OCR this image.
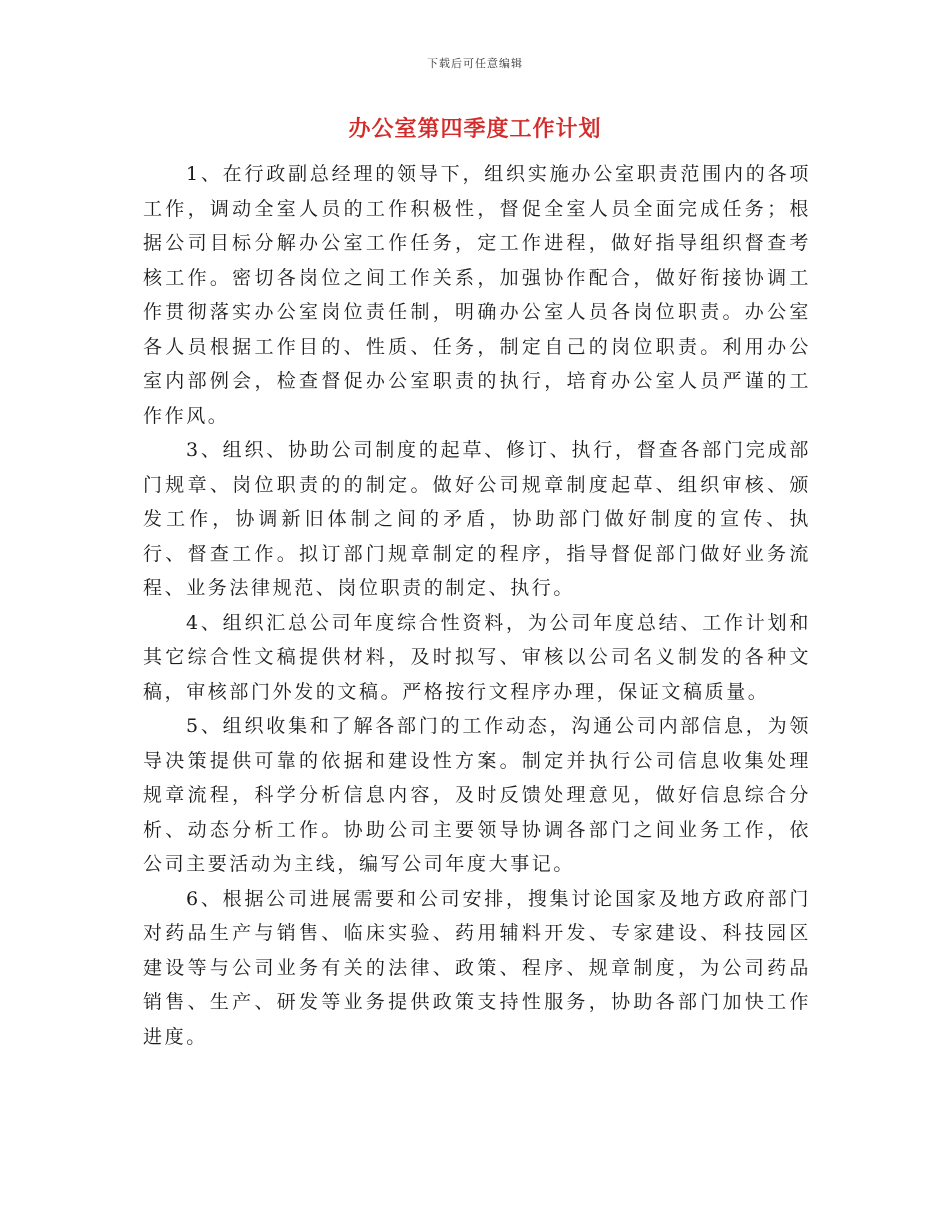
下载后可任意编辑
办公室第四季度工作计划

1、在行政副总经理的领导下，组织实施办公室职责范围内的各项工作，调动全室人员的工作积极性，督促全室人员全面完成任务；根据公司目标分解办公室工作任务，定工作进程，做好指导组织督查考核工作。密切各岗位之间工作关系，加强协作配合，做好衔接协调工作贯彻落实办公室岗位责任制，明确办公室人员各岗位职责。办公室各人员根据工作目的、性质、任务，制定自己的岗位职责。利用办公室内部例会，检查督促办公室职责的执行，培育办公室人员严谨的工作作风。

3、组织、协助公司制度的起草、修订、执行，督查各部门完成部门规章、岗位职责的的制定。做好公司规章制度起草、组织审核、颁发工作，协调新旧体制之间的矛盾，协助部门做好制度的宣传、执行、督查工作。拟订部门规章制定的程序，指导督促部门做好业务流程、业务法律规范、岗位职责的制定、执行。

4、组织汇总公司年度综合性资料，为公司年度总结、工作计划和其它综合性文稿提供材料，及时拟写、审核以公司名义制发的各种文稿，审核部门外发的文稿。严格按行文程序办理，保证文稿质量。

5、组织收集和了解各部门的工作动态，沟通公司内部信息，为领导决策提供可靠的依据和建设性方案。制定并执行公司信息收集处理规章流程，科学分析信息内容，及时反馈处理意见，做好信息综合分析、动态分析工作。协助公司主要领导协调各部门之间业务工作，依公司主要活动为主线，编写公司年度大事记。

6、根据公司进展需要和公司安排，搜集讨论国家及地方政府部门对药品生产与销售、临床实验、药用辅料开发、专家建设、科技园区建设等与公司业务有关的法律、政策、程序、规章制度，为公司药品销售、生产、研发等业务提供政策支持性服务，协助各部门加快工作进度。
